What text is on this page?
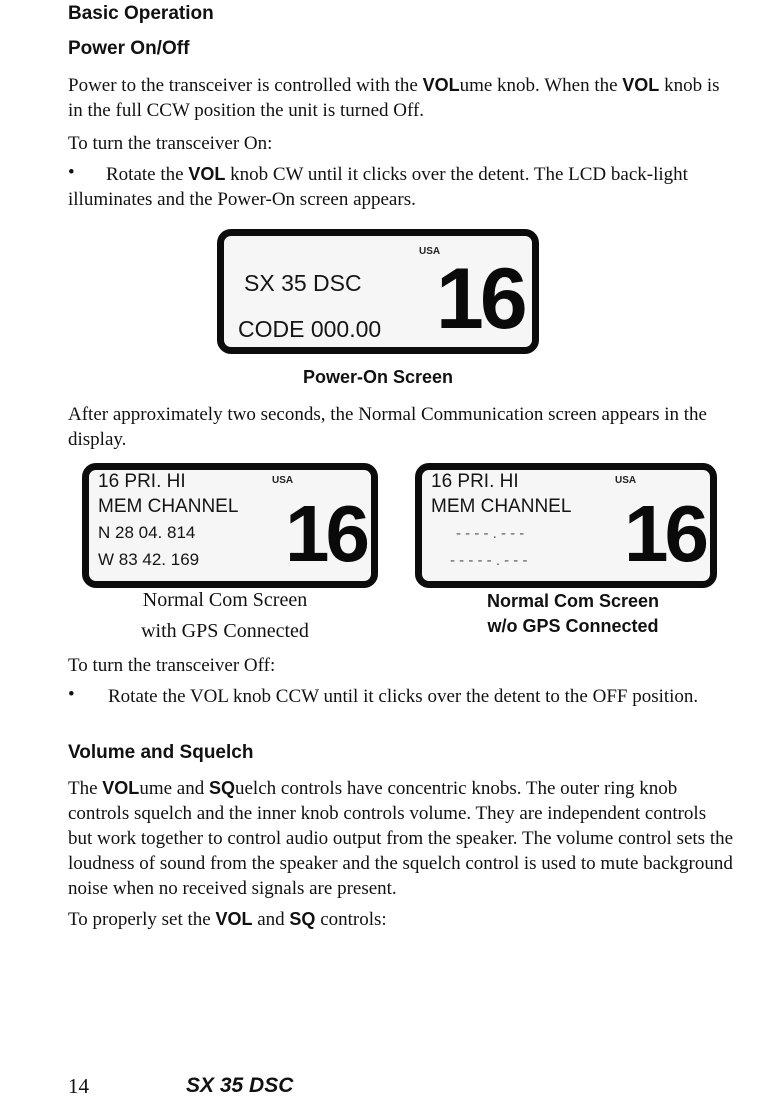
Basic Operation
Power On/Off
Power to the transceiver is controlled with the VOLume knob. When the VOL knob is in the full CCW position the unit is turned Off.
To turn the transceiver On:
•	Rotate the VOL knob CW until it clicks over the detent. The LCD back-light illuminates and the Power-On screen appears.
USA
SX 35 DSC
CODE 000.00 16
Power-On Screen
After approximately two seconds, the Normal Communication screen appears in the display.
16 PRI. HI	USA
MEM CHANNEL
N 28 04. 814
W 83 42. 169 16
16 PRI. HI	USA
MEM CHANNEL
- - - - . - - -
- - - - - . - - - 16
Normal Com Screen
with GPS Connected
Normal Com Screen
w/o GPS Connected
To turn the transceiver Off:
• Rotate the VOL knob CCW until it clicks over the detent to the OFF position.
Volume and Squelch
The VOLume and SQuelch controls have concentric knobs. The outer ring knob controls squelch and the inner knob controls volume. They are independent controls but work together to control audio output from the speaker. The volume control sets the loudness of sound from the speaker and the squelch control is used to mute background noise when no received signals are present.
To properly set the VOL and SQ controls:
14	SX 35 DSC
